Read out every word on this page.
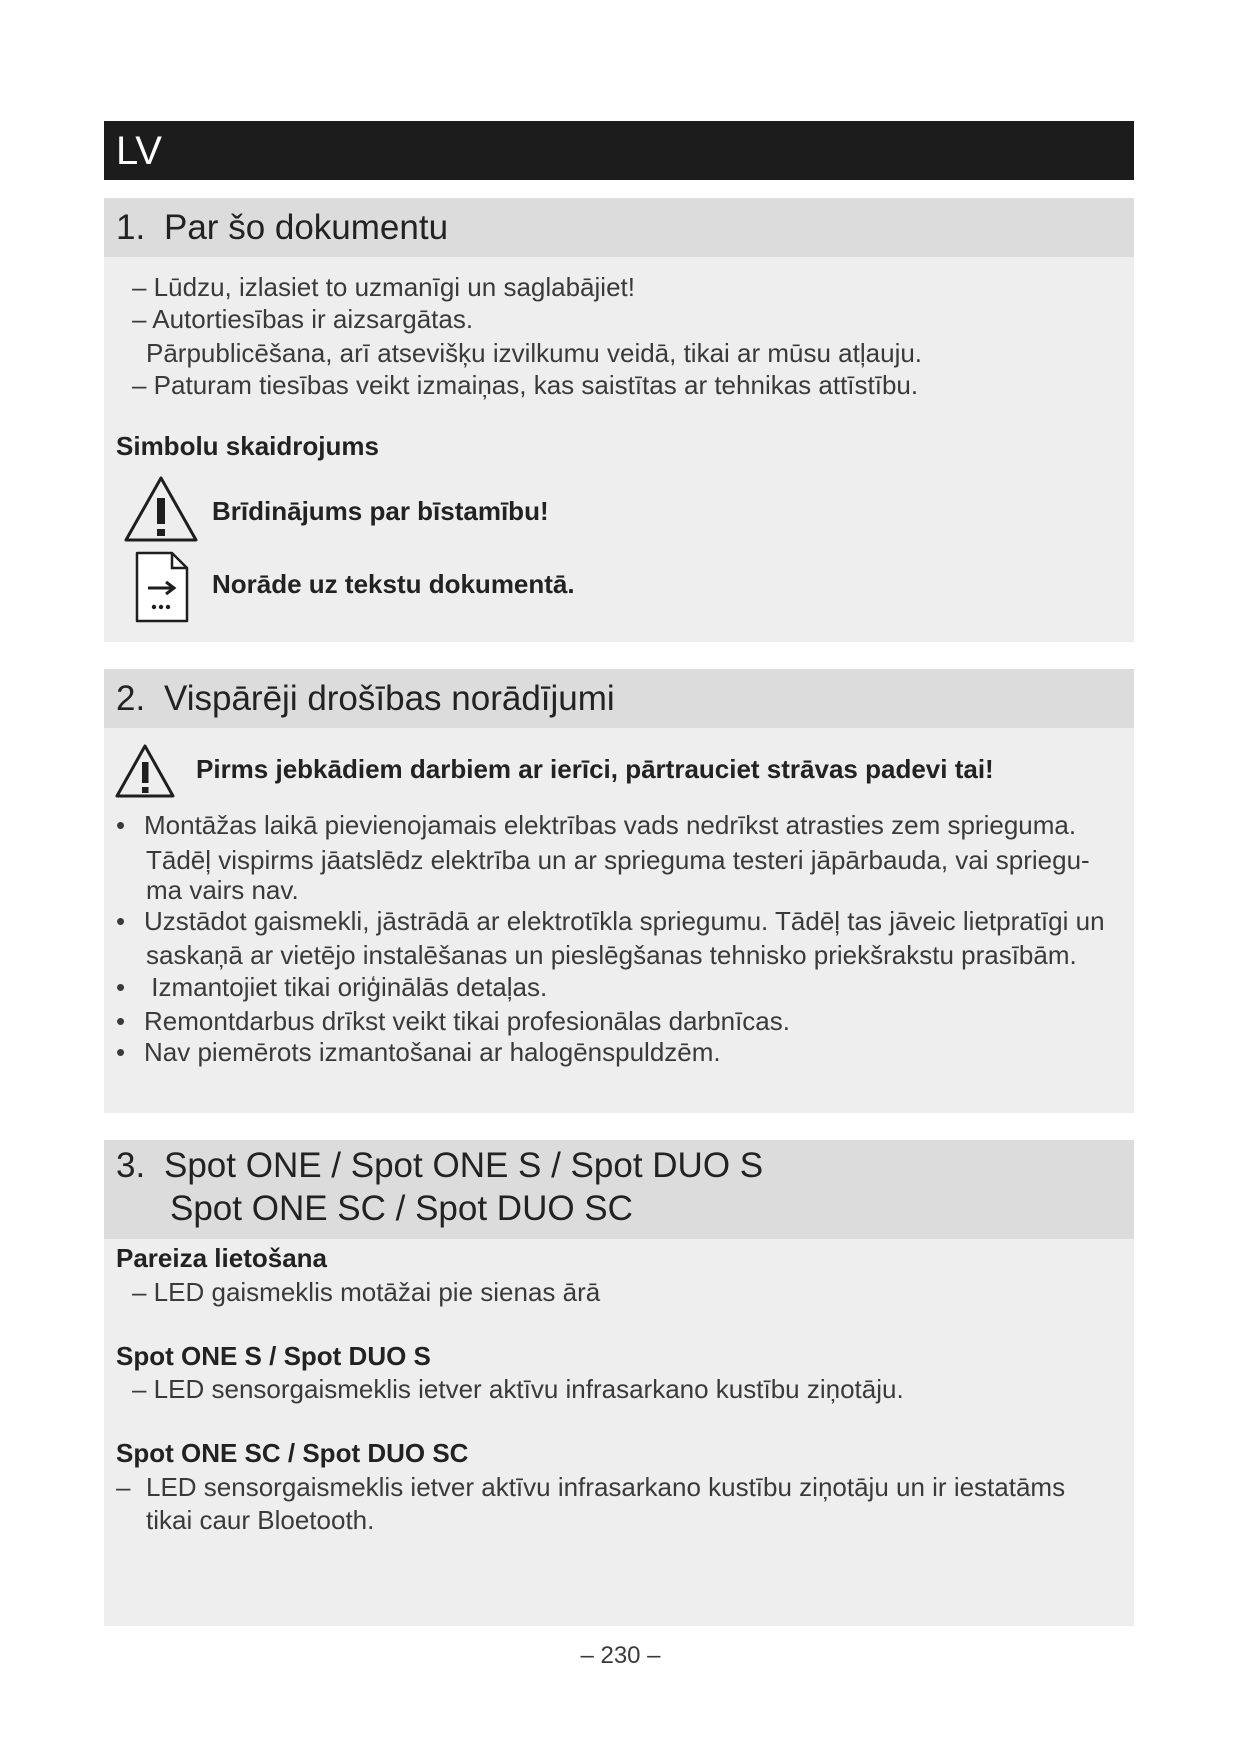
LV
1. Par šo dokumentu
– Lūdzu, izlasiet to uzmanīgi un saglabājiet!
– Autortiesības ir aizsargātas.
Pārpublicēšana, arī atsevišķu izvilkumu veidā, tikai ar mūsu atļauju.
– Paturam tiesības veikt izmaiņas, kas saistītas ar tehnikas attīstību.
Simbolu skaidrojums
Brīdinājums par bīstamību!
Norāde uz tekstu dokumentā.
2. Vispārēji drošības norādījumi
Pirms jebkādiem darbiem ar ierīci, pārtrauciet strāvas padevi tai!
• Montāžas laikā pievienojamais elektrības vads nedrīkst atrasties zem sprieguma.
Tādēļ vispirms jāatslēdz elektrība un ar sprieguma testeri jāpārbauda, vai spriegu-
ma vairs nav.
• Uzstādot gaismekli, jāstrādā ar elektrotīkla spriegumu. Tādēļ tas jāveic lietpratīgi un
saskaņā ar vietējo instalēšanas un pieslēgšanas tehnisko priekšrakstu prasībām.
• Izmantojiet tikai oriģinālās detaļas.
• Remontdarbus drīkst veikt tikai profesionālas darbnīcas.
• Nav piemērots izmantošanai ar halogēnspuldzēm.
3. Spot ONE / Spot ONE S / Spot DUO S
Spot ONE SC / Spot DUO SC
Pareiza lietošana
– LED gaismeklis motāžai pie sienas ārā
Spot ONE S / Spot DUO S
– LED sensorgaismeklis ietver aktīvu infrasarkano kustību ziņotāju.
Spot ONE SC / Spot DUO SC
– LED sensorgaismeklis ietver aktīvu infrasarkano kustību ziņotāju un ir iestatāms
tikai caur Bloetooth.
– 230 –
